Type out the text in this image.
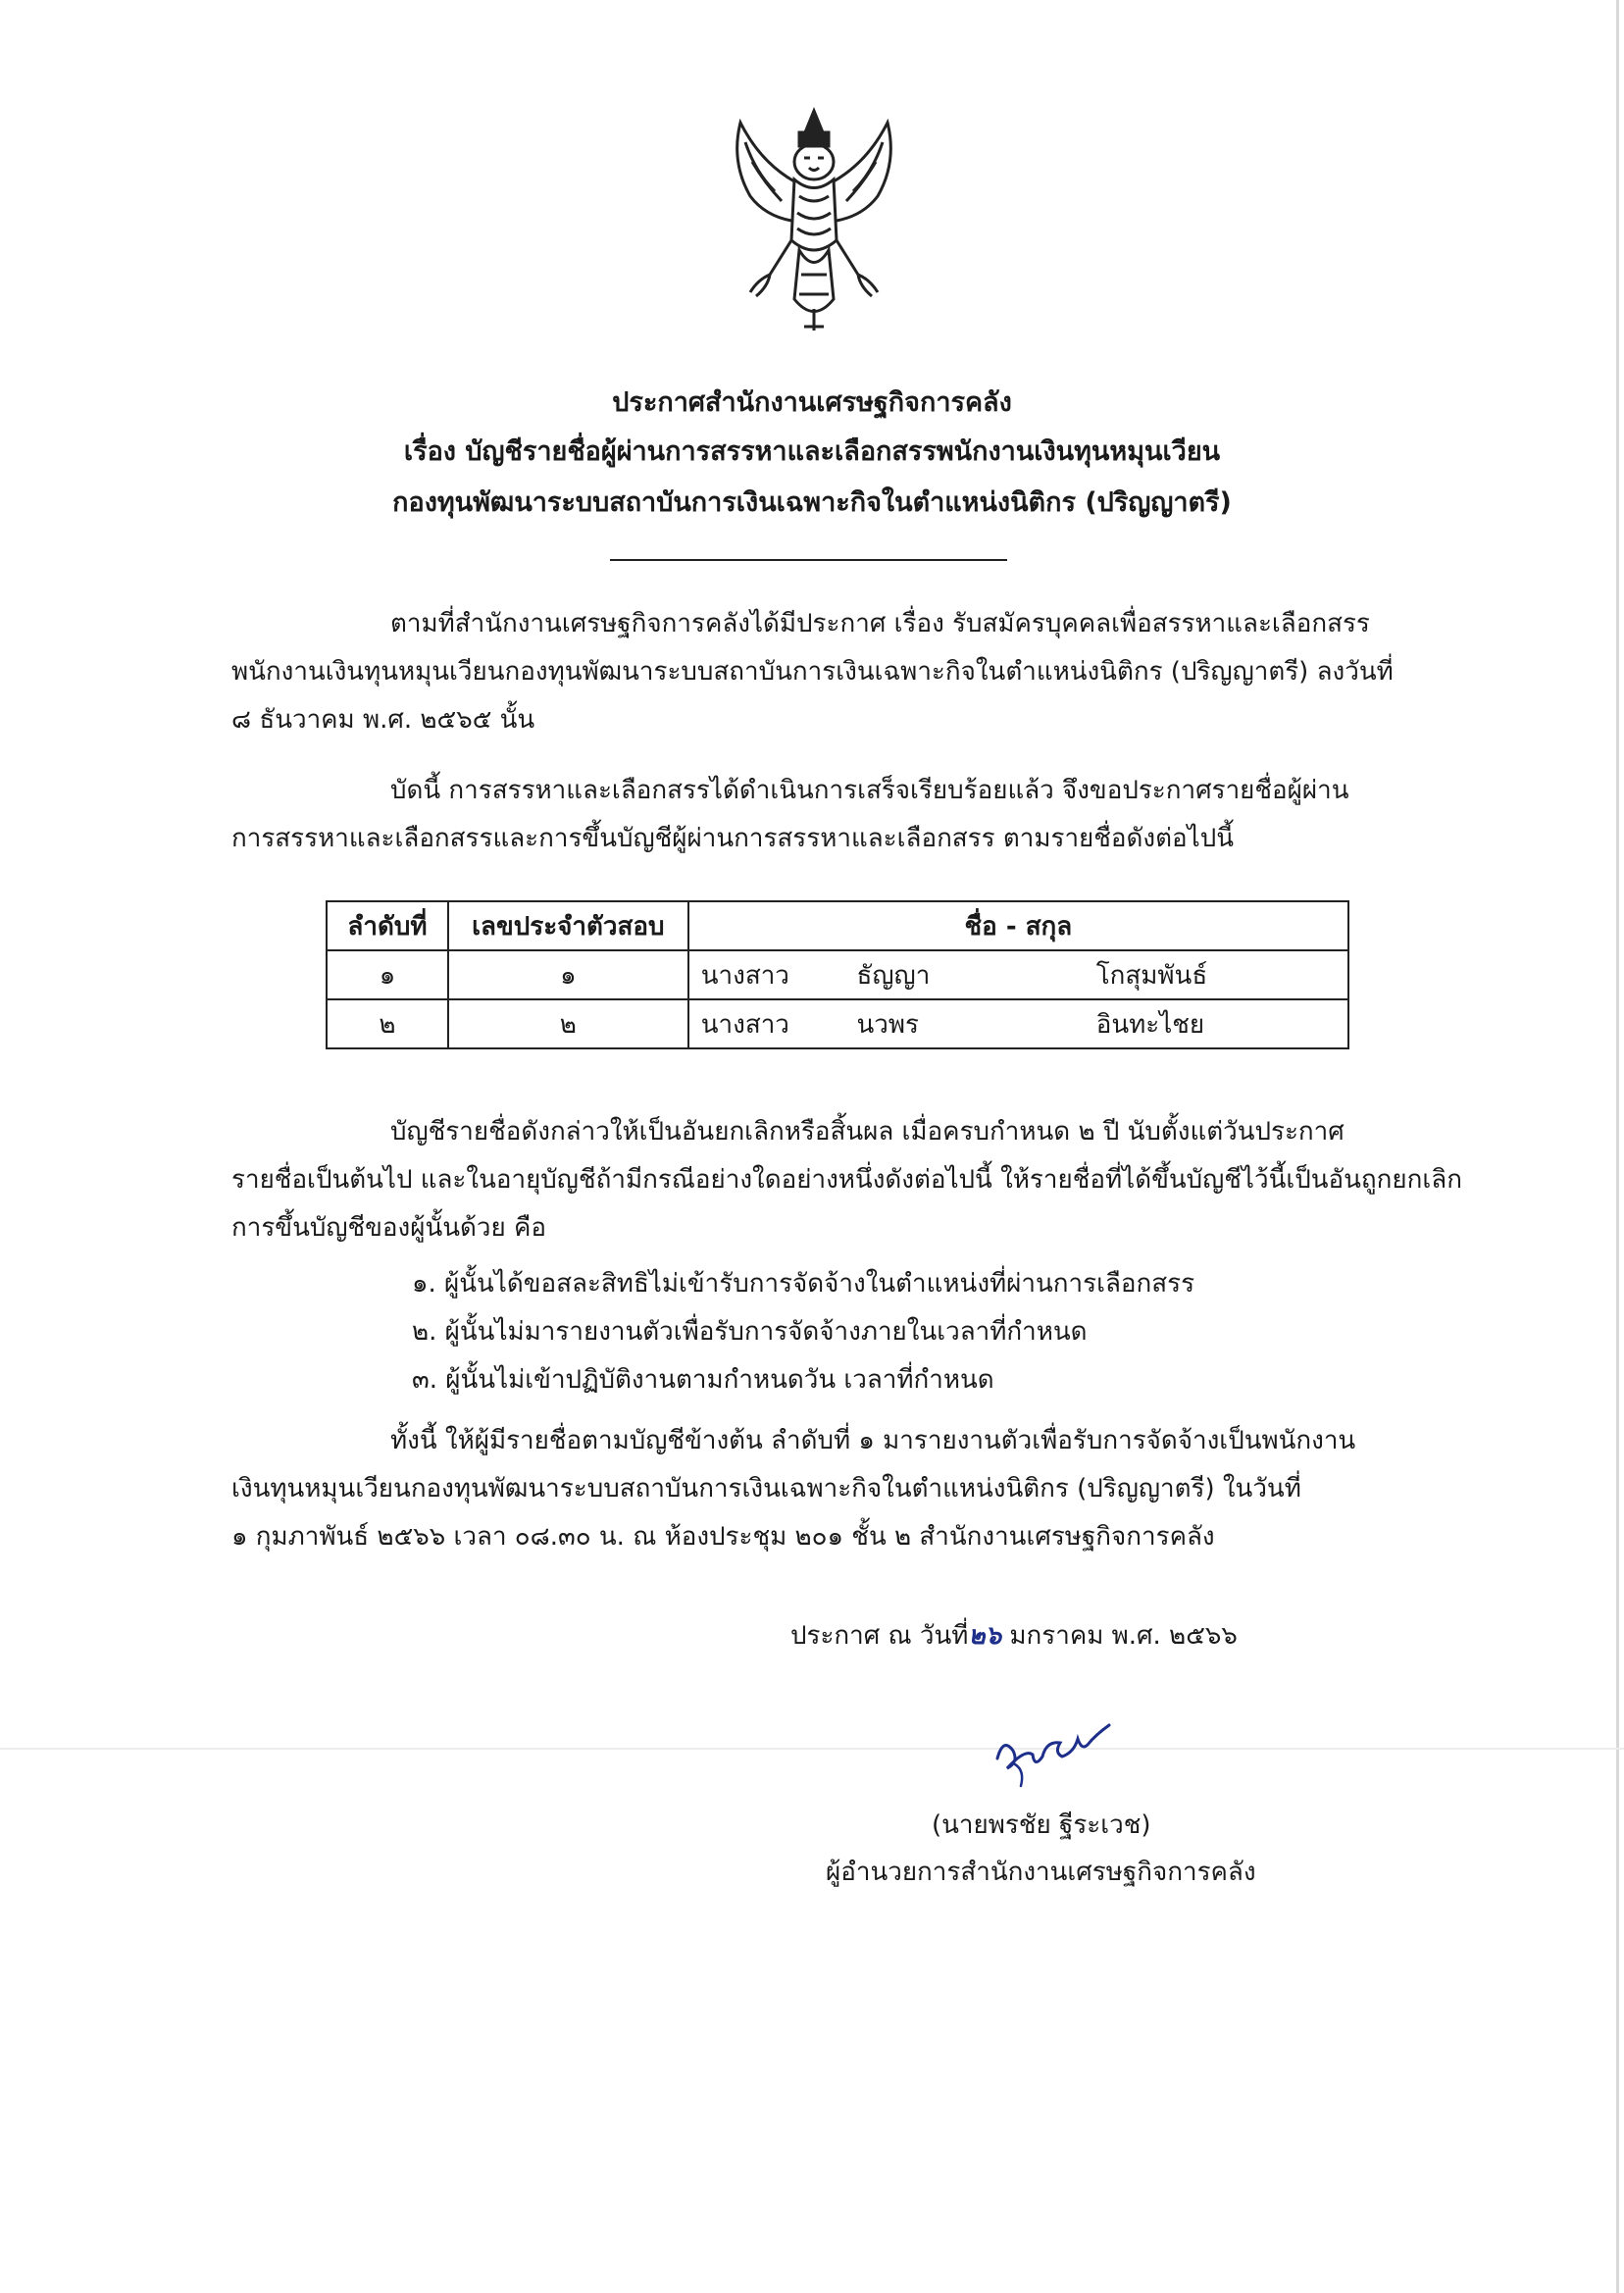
ประกาศสำนักงานเศรษฐกิจการคลัง
เรื่อง บัญชีรายชื่อผู้ผ่านการสรรหาและเลือกสรรพนักงานเงินทุนหมุนเวียน
กองทุนพัฒนาระบบสถาบันการเงินเฉพาะกิจในตำแหน่งนิติกร (ปริญญาตรี)

ตามที่สำนักงานเศรษฐกิจการคลังได้มีประกาศ เรื่อง รับสมัครบุคคลเพื่อสรรหาและเลือกสรร

พนักงานเงินทุนหมุนเวียนกองทุนพัฒนาระบบสถาบันการเงินเฉพาะกิจในตำแหน่งนิติกร (ปริญญาตรี) ลงวันที่

๘ ธันวาคม พ.ศ. ๒๕๖๕ นั้น

บัดนี้ การสรรหาและเลือกสรรได้ดำเนินการเสร็จเรียบร้อยแล้ว จึงขอประกาศรายชื่อผู้ผ่าน

การสรรหาและเลือกสรรและการขึ้นบัญชีผู้ผ่านการสรรหาและเลือกสรร ตามรายชื่อดังต่อไปนี้

ลำดับที่	เลขประจำตัวสอบ	ชื่อ - สกุล		
๑	๑	นางสาว	ธัญญา	โกสุมพันธ์
๒	๒	นางสาว	นวพร	อินทะไชย

บัญชีรายชื่อดังกล่าวให้เป็นอันยกเลิกหรือสิ้นผล เมื่อครบกำหนด ๒ ปี นับตั้งแต่วันประกาศ

รายชื่อเป็นต้นไป และในอายุบัญชีถ้ามีกรณีอย่างใดอย่างหนึ่งดังต่อไปนี้ ให้รายชื่อที่ได้ขึ้นบัญชีไว้นี้เป็นอันถูกยกเลิก

การขึ้นบัญชีของผู้นั้นด้วย คือ

๑. ผู้นั้นได้ขอสละสิทธิไม่เข้ารับการจัดจ้างในตำแหน่งที่ผ่านการเลือกสรร

๒. ผู้นั้นไม่มารายงานตัวเพื่อรับการจัดจ้างภายในเวลาที่กำหนด

๓. ผู้นั้นไม่เข้าปฏิบัติงานตามกำหนดวัน เวลาที่กำหนด

ทั้งนี้ ให้ผู้มีรายชื่อตามบัญชีข้างต้น ลำดับที่ ๑ มารายงานตัวเพื่อรับการจัดจ้างเป็นพนักงาน

เงินทุนหมุนเวียนกองทุนพัฒนาระบบสถาบันการเงินเฉพาะกิจในตำแหน่งนิติกร (ปริญญาตรี) ในวันที่

๑ กุมภาพันธ์ ๒๕๖๖ เวลา ๐๘.๓๐ น. ณ ห้องประชุม ๒๐๑ ชั้น ๒ สำนักงานเศรษฐกิจการคลัง

ประกาศ ณ วันที่๒๖ มกราคม พ.ศ. ๒๕๖๖
(นายพรชัย ฐีระเวช)
ผู้อำนวยการสำนักงานเศรษฐกิจการคลัง
